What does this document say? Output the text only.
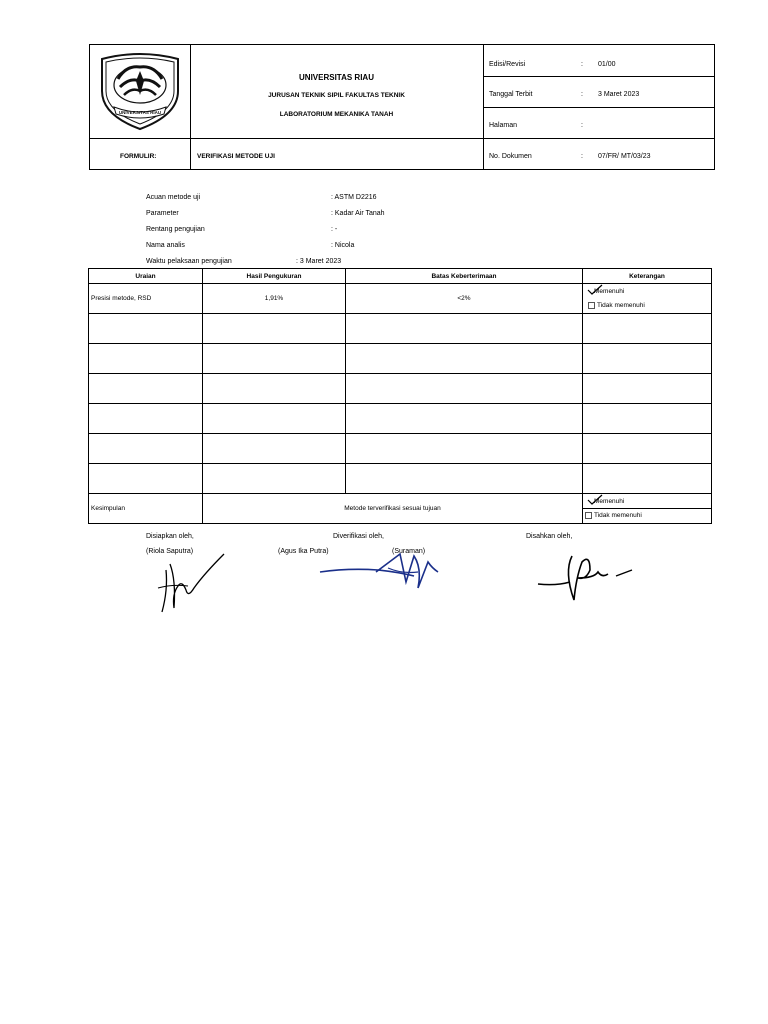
UNIVERSITAS RIAU
UNIVERSITAS RIAU
JURUSAN TEKNIK SIPIL FAKULTAS TEKNIK
LABORATORIUM MEKANIKA TANAH
FORMULIR:	VERIFIKASI METODE UJI
Edisi/Revisi	: 01/00
Tanggal Terbit	: 3 Maret 2023
Halaman	:
No. Dokumen	: 07/FR/ MT/03/23
Acuan metode uji	: ASTM D2216
Parameter	: Kadar Air Tanah
Rentang pengujian	: -
Nama analis	: Nicola
Waktu pelaksaan pengujian	: 3 Maret 2023
Uraian	Hasil Pengukuran	Batas Keberterimaan	Keterangan
Presisi metode, RSD	1,91%	<2%	Memenuhi
Tidak memenuhi

Kesimpulan	Metode terverifikasi sesuai tujuan		Memenuhi
			Tidak memenuhi
Disiapkan oleh,	Diverifikasi oleh,	Disahkan oleh,
(Riola Saputra)	(Agus Ika Putra)	(Suraman)
